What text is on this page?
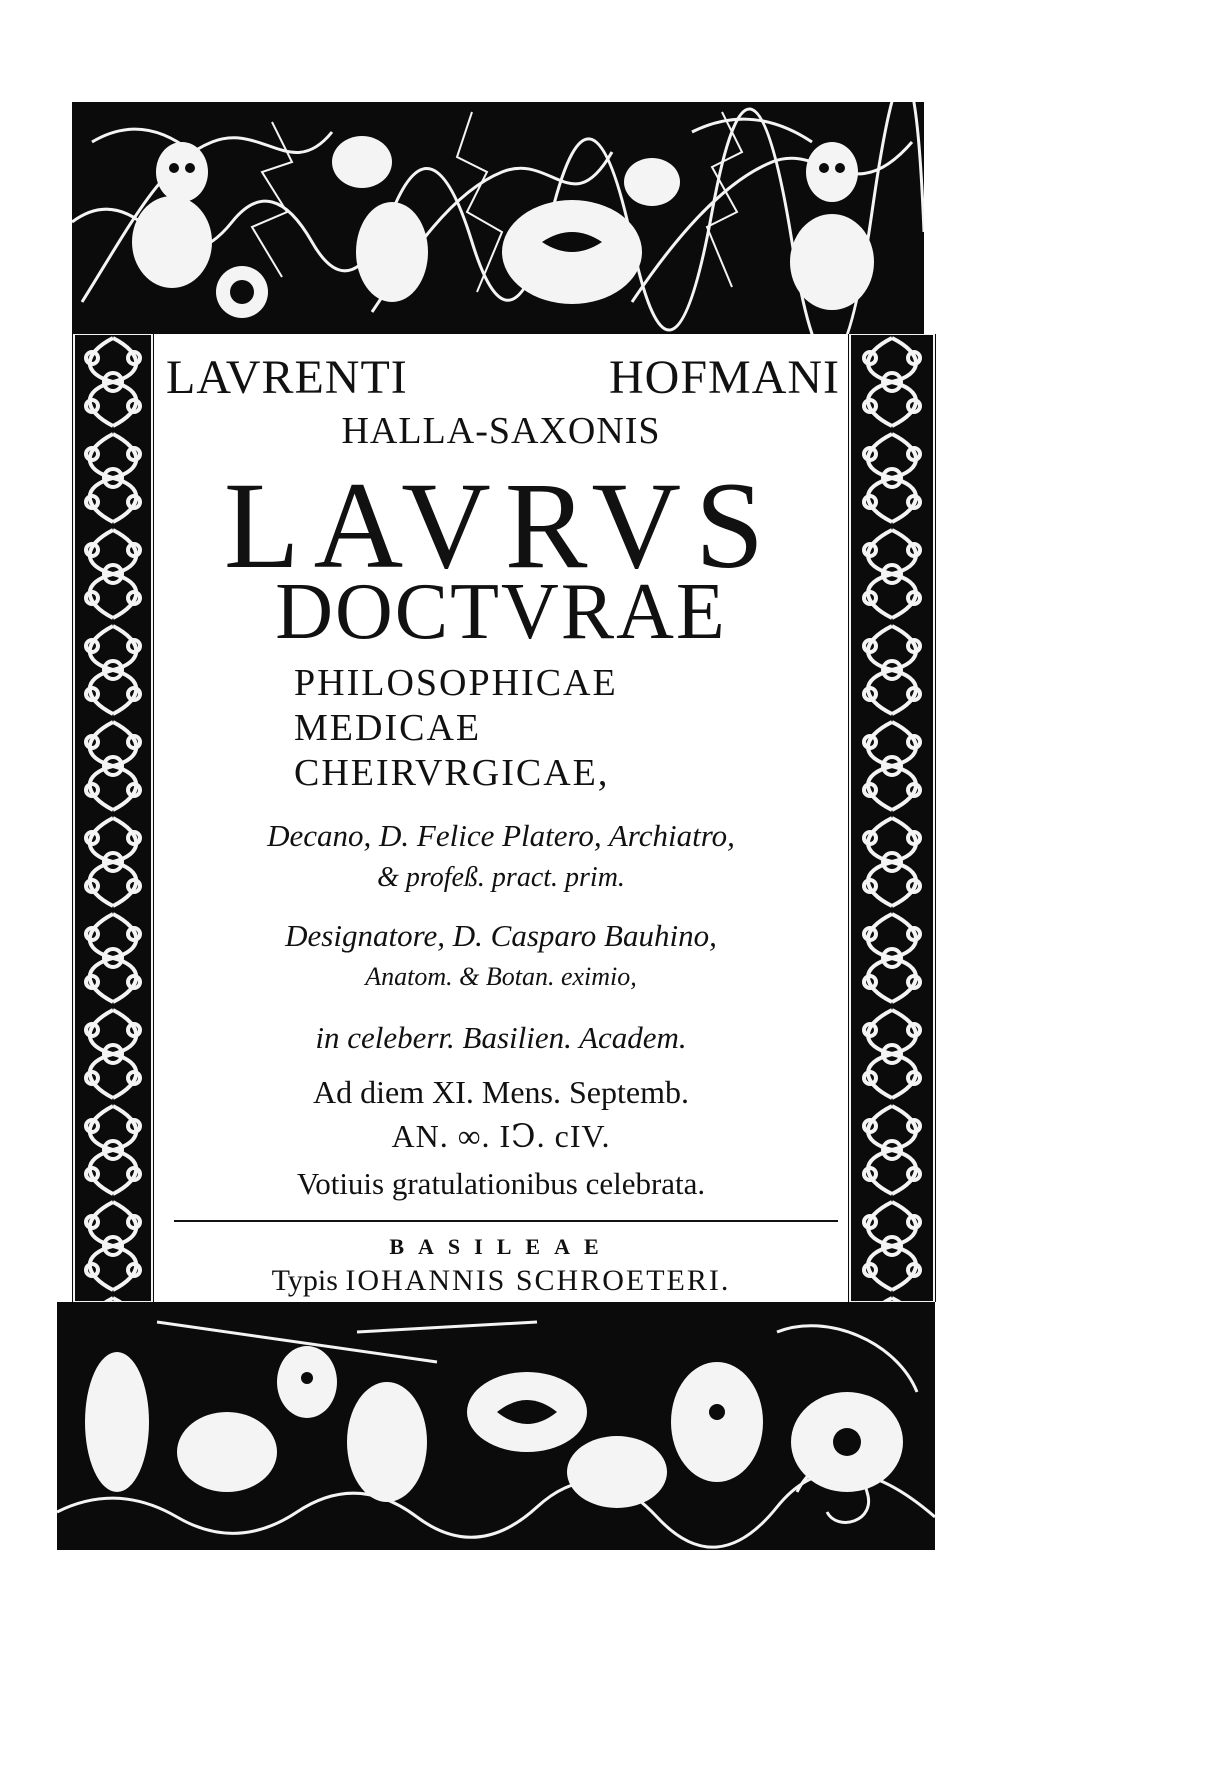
LAVRENTI	HOFMANI
HALLA-SAXONIS
LAVRVS
DOCTVRAE
PHILOSOPHICAE
MEDICAE
CHEIRVRGICAE,
Decano, D. Felice Platero, Archiatro,
& profeß. pract. prim.
Designatore, D. Casparo Bauhino,
Anatom. & Botan. eximio,
in celeberr. Basilien. Academ.
Ad diem XI. Mens. Septemb.
AN. ∞. IↃ. cIV.
Votiuis gratulationibus celebrata.
BASILEAE
Typis IOHANNIS SCHROETERI.
